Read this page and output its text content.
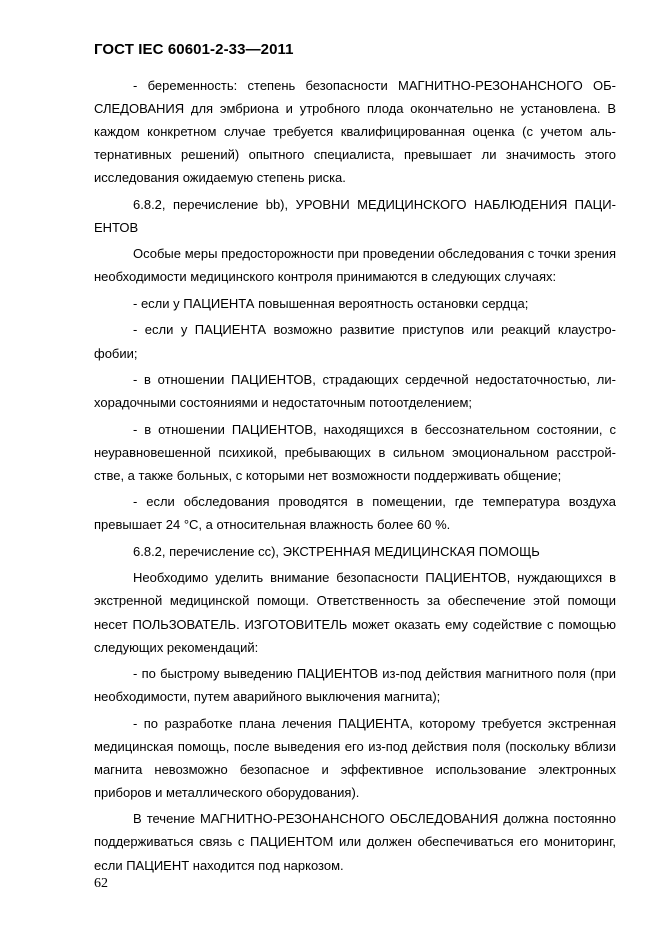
ГОСТ IEC 60601-2-33—2011

- беременность: степень безопасности МАГНИТНО-РЕЗОНАНСНОГО ОБСЛЕДОВАНИЯ для эмбриона и утробного плода окончательно не установлена. В каждом конкретном случае требуется квалифицированная оценка (с учетом альтернативных решений) опытного специалиста, превышает ли значимость этого исследования ожидаемую степень риска.

6.8.2, перечисление bb), УРОВНИ МЕДИЦИНСКОГО НАБЛЮДЕНИЯ ПАЦИЕНТОВ

Особые меры предосторожности при проведении обследования с точки зрения необходимости медицинского контроля принимаются в следующих случаях:

- если у ПАЦИЕНТА повышенная вероятность остановки сердца;

- если у ПАЦИЕНТА возможно развитие приступов или реакций клаустрофобии;

- в отношении ПАЦИЕНТОВ, страдающих сердечной недостаточностью, лихорадочными состояниями и недостаточным потоотделением;

- в отношении ПАЦИЕНТОВ, находящихся в бессознательном состоянии, с неуравновешенной психикой, пребывающих в сильном эмоциональном расстройстве, а также больных, с которыми нет возможности поддерживать общение;

- если обследования проводятся в помещении, где температура воздуха превышает 24 °С, а относительная влажность более 60 %.

6.8.2, перечисление сс), ЭКСТРЕННАЯ МЕДИЦИНСКАЯ ПОМОЩЬ

Необходимо уделить внимание безопасности ПАЦИЕНТОВ, нуждающихся в экстренной медицинской помощи. Ответственность за обеспечение этой помощи несет ПОЛЬЗОВАТЕЛЬ. ИЗГОТОВИТЕЛЬ может оказать ему содействие с помощью следующих рекомендаций:

- по быстрому выведению ПАЦИЕНТОВ из-под действия магнитного поля (при необходимости, путем аварийного выключения магнита);

- по разработке плана лечения ПАЦИЕНТА, которому требуется экстренная медицинская помощь, после выведения его из-под действия поля (поскольку вблизи магнита невозможно безопасное и эффективное использование электронных приборов и металлического оборудования).

В течение МАГНИТНО-РЕЗОНАНСНОГО ОБСЛЕДОВАНИЯ должна постоянно поддерживаться связь с ПАЦИЕНТОМ или должен обеспечиваться его мониторинг, если ПАЦИЕНТ находится под наркозом.

62
